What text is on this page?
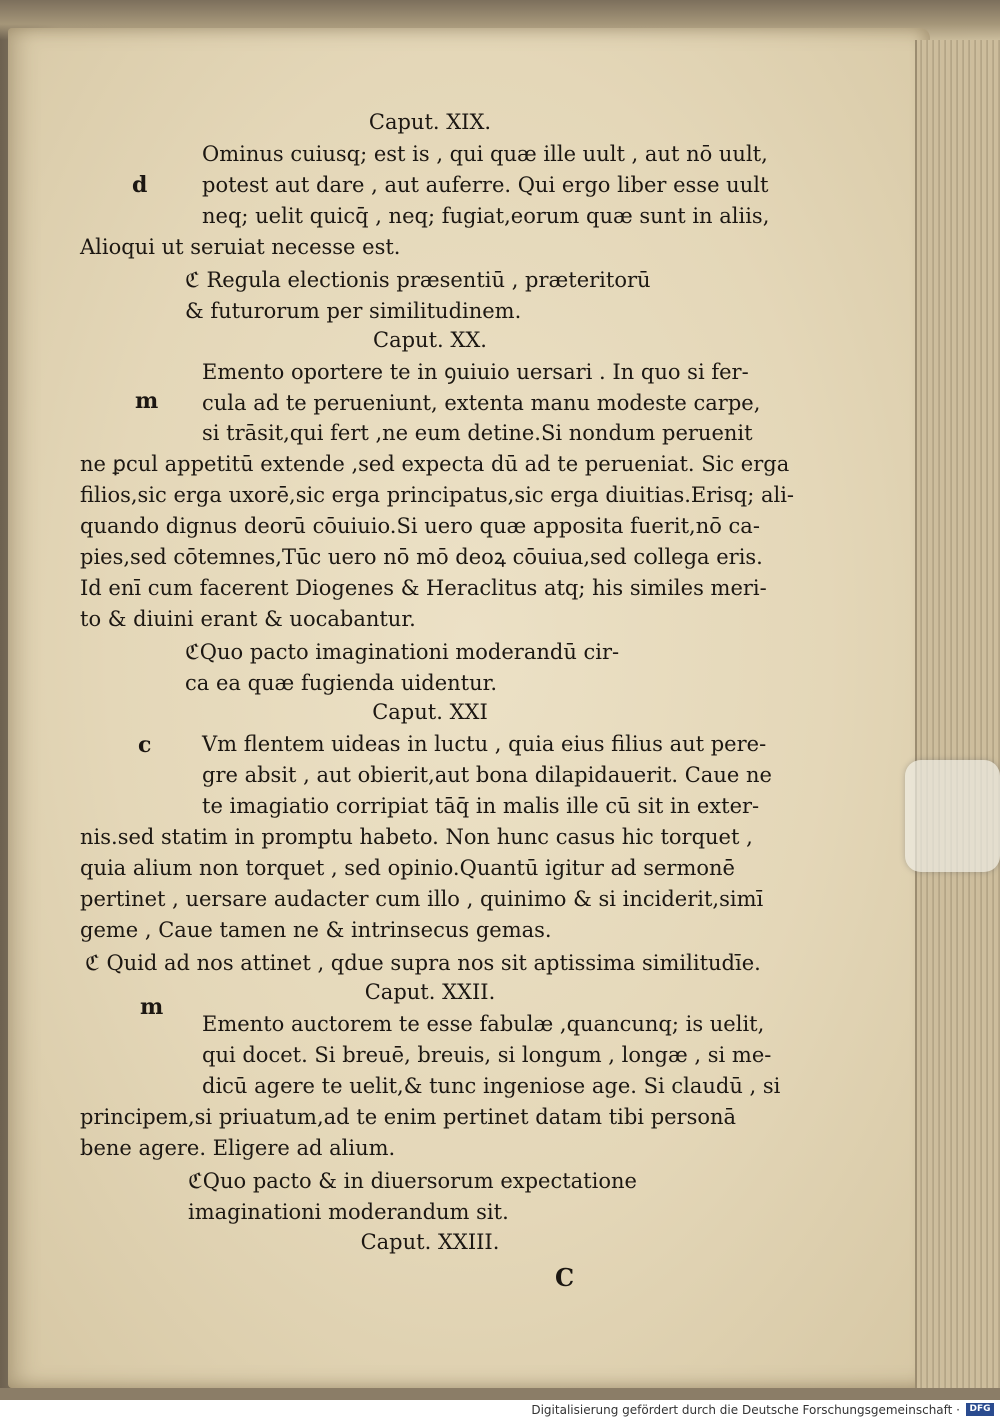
Caput. XIX.
Ominus cuiusq; est is , qui quæ ille uult , aut nō uult,
potest aut dare , aut auferre. Qui ergo liber esse uult
neq; uelit quicq̄ , neq; fugiat,eorum quæ sunt in aliis,
Alioqui ut seruiat necesse est.
ℭ Regula electionis præsentiū , præteritorū
& futurorum per similitudinem.
Caput. XX.
Emento oportere te in ꝯuiuio uersari . In quo si fer-
cula ad te perueniunt, extenta manu modeste carpe,
si trāsit,qui fert ,ne eum detine.Si nondum peruenit
ne ꝑcul appetitū extende ,sed expecta dū ad te perueniat. Sic erga
filios,sic erga uxorē,sic erga principatus,sic erga diuitias.Erisq; ali-
quando dignus deorū cōuiuio.Si uero quæ apposita fuerit,nō ca-
pies,sed cōtemnes,Tūc uero nō mō deoꝝ cōuiua,sed collega eris.
Id enī cum facerent Diogenes & Heraclitus atq; his similes meri-
to & diuini erant & uocabantur.
ℭQuo pacto imaginationi moderandū cir-
ca ea quæ fugienda uidentur.
Caput. XXI
Vm flentem uideas in luctu , quia eius filius aut pere-
gre absit , aut obierit,aut bona dilapidauerit. Caue ne
te imagiatio corripiat tāq̄ in malis ille cū sit in exter-
nis.sed statim in promptu habeto. Non hunc casus hic torquet ,
quia alium non torquet , sed opinio.Quantū igitur ad sermonē
pertinet , uersare audacter cum illo , quinimo & si inciderit,simī
geme , Caue tamen ne & intrinsecus gemas.
ℭ Quid ad nos attinet , qdue supra nos sit aptissima similitudīe.
Caput. XXII.
Emento auctorem te esse fabulæ ,quancunq; is uelit,
qui docet. Si breuē, breuis, si longum , longæ , si me-
dicū agere te uelit,& tunc ingeniose age. Si claudū , si
principem,si priuatum,ad te enim pertinet datam tibi personā
bene agere. Eligere ad alium.
ℭQuo pacto & in diuersorum expectatione
imaginationi moderandum sit.
Caput. XXIII.
d
m
c
m
C
Digitalisierung gefördert durch die Deutsche Forschungsgemeinschaft ·	DFG
